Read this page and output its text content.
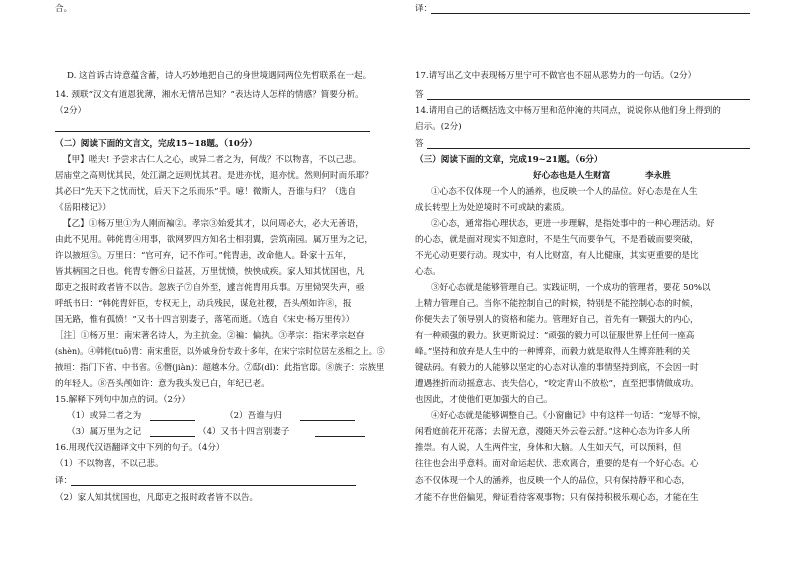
合。
D. 这首诉古诗意蕴含蓄，诗人巧妙地把自己的身世境遇同两位先哲联系在一起。
14. 颈联“汉文有道恩犹薄，湘水无情吊岂知？”表达诗人怎样的情感？简要分析。
（2分）
（二）阅读下面的文言文，完成15~18题。（10分）
【甲】嗟夫! 予尝求古仁人之心，或异二者之为，何哉？不以物喜，不以己悲。
居庙堂之高则忧其民，处江湖之远则忧其君。是进亦忧，退亦忧。然则何时而乐耶？
其必曰“先天下之忧而忧，后天下之乐而乐”乎。噫！微斯人，吾谁与归？（选自
《岳阳楼记》）
【乙】①杨万里①为人刚而褊②。孝宗③始爱其才，以问周必大，必大无善语，
由此不见用。韩侂胄④用事，欲网罗四方知名士相羽翼，尝筑南园。属万里为之记，
许以掖垣⑤。万里曰：“官可弃，记不作可。”侂胄恚，改命他人。卧家十五年，
皆其柄国之日也。侂胄专僭⑥日益甚，万里忧愤，怏怏成疾。家人知其忧国也，凡
邸吏之报时政者皆不以告。忽族子⑦自外至，遽言侂胄用兵事。万里恸哭失声，亟
呼纸书曰：“韩侂胄奸臣，专权无上，动兵残民，谋危社稷，吾头颅如许⑧，报
国无路，惟有孤愤！”又书十四言别妻子，落笔而逝。（选自《宋史·杨万里传》）
［注］①杨万里：南宋著名诗人，为主抗金。②褊：偏执。③孝宗：指宋孝宗赵昚
(shèn)。④韩侂(tuō)胄：南宋重臣，以外戚身份专政十多年，在宋宁宗时位居左丞相之上。⑤
掖垣：指门下省、中书省。⑥僭(jiàn)：超越本分。⑦邸(dǐ)：此指官邸。⑧族子：宗族里
的年轻人。⑧吾头颅如许：意为我头发已白，年纪已老。
15.解释下列句中加点的词。（2分）
（1）或异二者之为	（2）吾谁与归
（3）属万里为之记	（4）又书十四言别妻子
16.用现代汉语翻译文中下列的句子。（4分）
（1）不以物喜，不以己悲。
译：
（2）家人知其忧国也，凡邸吏之报时政者皆不以告。
译：
17.请写出乙文中表现杨万里宁可不做官也不屈从恶势力的一句话。（2分）
答
14.请用自己的话概括选文中杨万里和范仲淹的共同点，说说你从他们身上得到的
启示。(2分)
答
（三）阅读下面的文章，完成19~21题。（6分）
好心态也是人生财富	李永胜
①心态不仅体现一个人的涵养，也反映一个人的品位。好心态是在人生
成长转型上为处逆境时不可或缺的素质。
②心态，通常指心理状态，更进一步理解，是指处事中的一种心理活动。好
的心态，就是面对现实不知意时，不是生气而要争气，不是看破而要突破，
不光心动更要行动。现实中，有人比财富，有人比健康，其实更重要的是比
心态。
③好心态就是能够管理自己。实践证明，一个成功的管理者，要花 50%以
上精力管理自己。当你不能控制自己的时候，特别是不能控制心态的时候，
你便失去了领导别人的资格和能力。管理好自己，首先有一颗强大的内心，
有一种顽强的毅力。狄更斯说过：“顽强的毅力可以征服世界上任何一座高
峰。”坚持和放弃是人生中的一种博弈，而毅力就是取得人生博弈胜利的关
键砝码。有毅力的人能够以坚定的心态对认准的事情坚持到底，不会因一时
遭遇挫折而动摇意志、丧失信心，“咬定青山不放松”，直至把事情做成功。
也因此，才使他们更加强大的自己。
④好心态就是能够调整自己。《小窗幽记》中有这样一句话：“宠辱不惊，
闲看庭前花开花落；去留无意，漫随天外云卷云舒。”这种心态为许多人所
推崇。有人说，人生两件宝，身体和大脑。人生如天气，可以预料，但
往往也会出乎意料。面对命运起伏、悲欢离合，重要的是有一个好心态。心
态不仅体现一个人的涵养，也反映一个人的品位，只有保持静平和心态，
才能不存世俗偏见，辩证看待客观事物；只有保持积极乐观心态，才能在生
